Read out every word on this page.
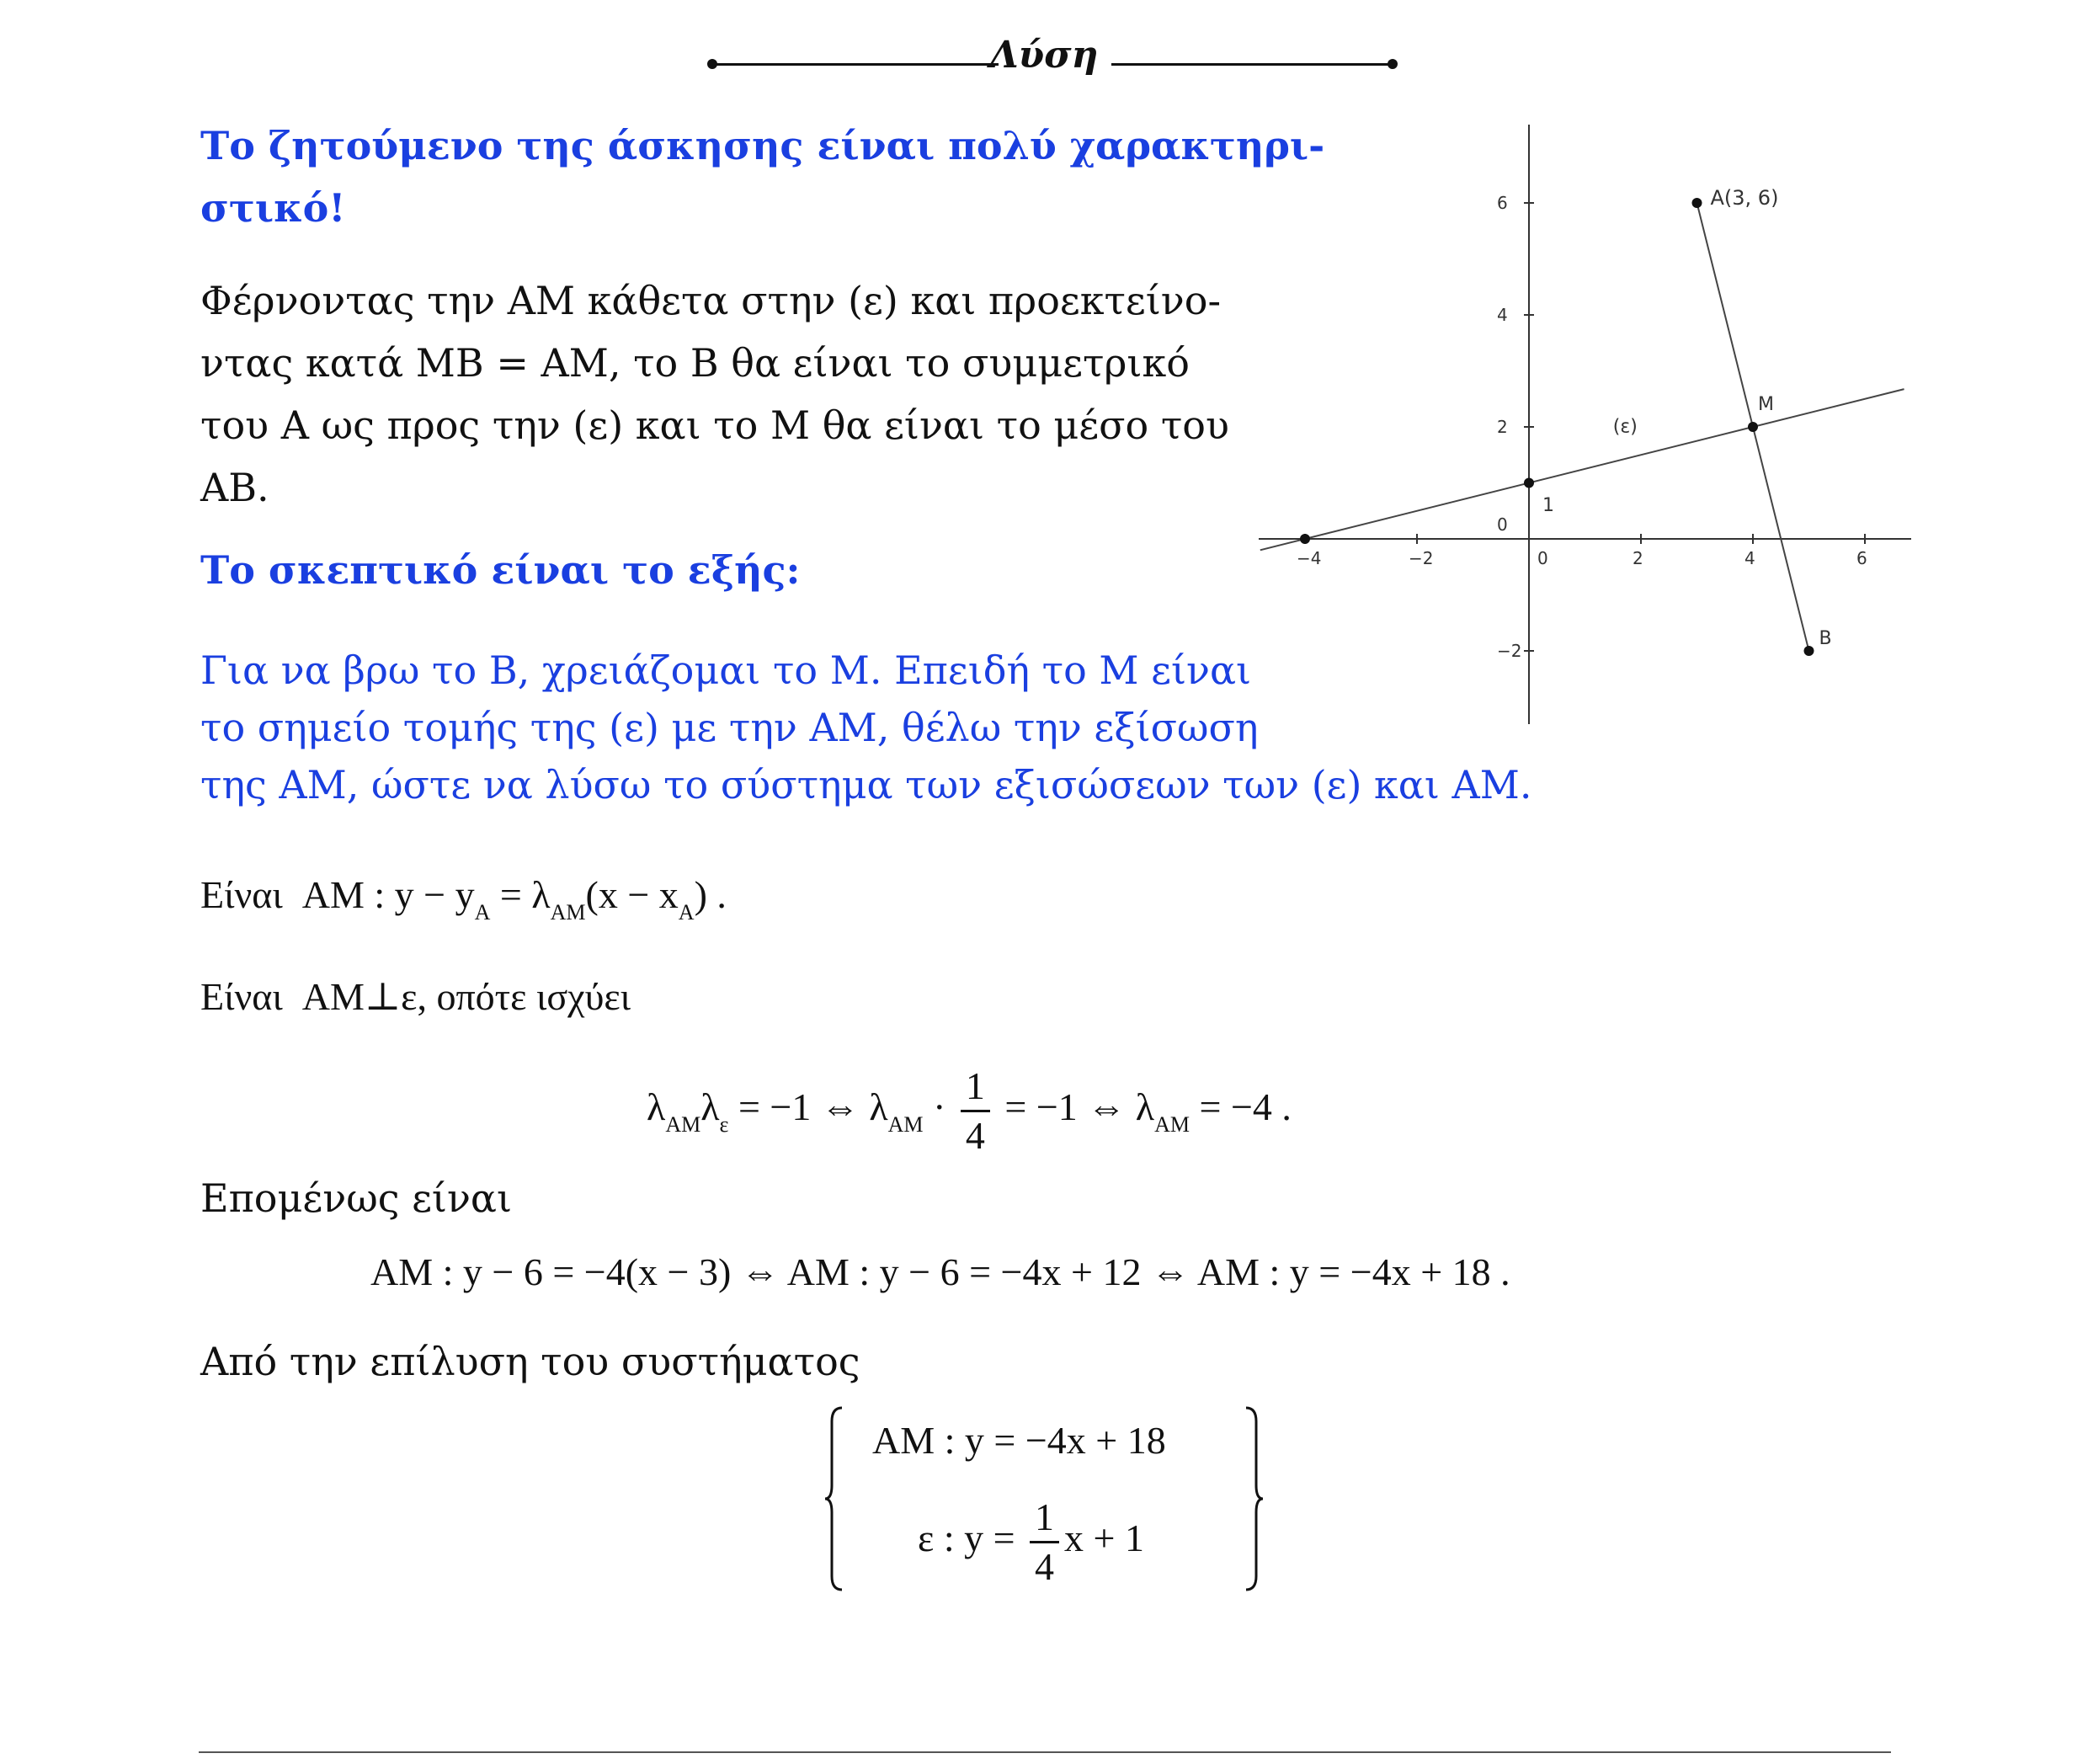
Λύση
Το ζητούμενο της άσκησης είναι πολύ χαρακτηρι-
στικό!
Φέρνοντας την ΑΜ κάθετα στην (ε) και προεκτείνο-
ντας κατά ΜΒ = ΑΜ, το Β θα είναι το συμμετρικό
του Α ως προς την (ε) και το Μ θα είναι το μέσο του
ΑΒ.
Το σκεπτικό είναι το εξής:
Για να βρω το Β, χρειάζομαι το Μ. Επειδή το Μ είναι
το σημείο τομής της (ε) με την ΑΜ, θέλω την εξίσωση
της ΑΜ, ώστε να λύσω το σύστημα των εξισώσεων των (ε) και ΑΜ.
Είναι AM : $y - y_A = \lambda_{AM}(x - x_A)$ .
Είναι AM⊥ε, οπότε ισχύει
$\lambda_{AM}\lambda_\varepsilon = -1$ ⇔ $\lambda_{AM} \cdot \frac{1}{4} = -1$ ⇔ $\lambda_{AM} = -4$ .
Επομένως είναι
AM : y − 6 = −4(x − 3) ⇔ AM : y − 6 = −4x + 12 ⇔ AM : y = −4x + 18 .
Από την επίλυση του συστήματος
AM : y = −4x + 18
ε : $y = \frac{1}{4}$ x + 1
−4	−2	0	2	4	6
6
4
2
0
−2
A(3, 6)
M
B
(ε)
1
